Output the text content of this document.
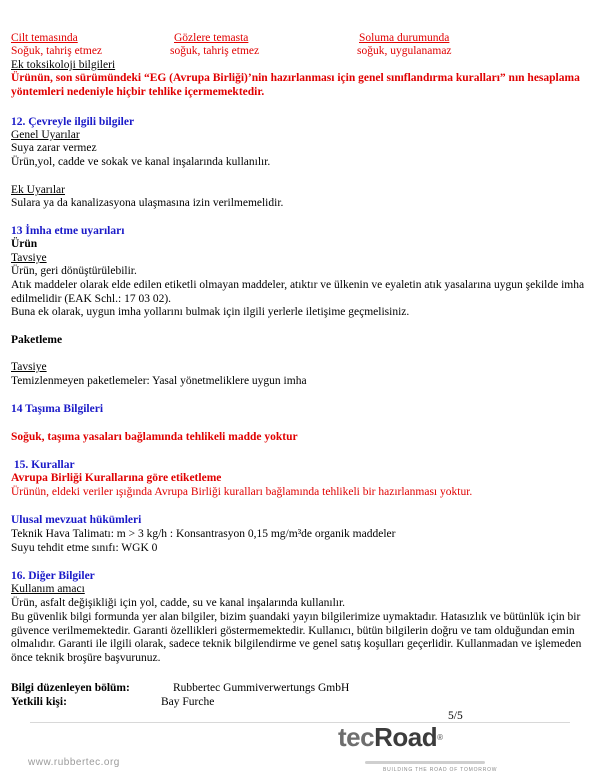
Cilt temasında	Gözlere temasta	Soluma durumunda
Soğuk, tahriş etmez	soğuk, tahriş etmez	soğuk, uygulanamaz
Ek toksikoloji bilgileri
Ürünün, son sürümündeki “EG (Avrupa Birliği)’nin hazırlanması için genel sınıflandırma kuralları” nın hesaplama yöntemleri nedeniyle hiçbir tehlike içermemektedir.
12. Çevreyle ilgili bilgiler
Genel Uyarılar
Suya zarar vermez
Ürün,yol, cadde ve sokak ve kanal inşalarında kullanılır.
Ek Uyarılar
Sulara ya da kanalizasyona ulaşmasına izin verilmemelidir.
13 İmha etme uyarıları
Ürün
Tavsiye
Ürün, geri dönüştürülebilir.
Atık maddeler olarak elde edilen etiketli olmayan maddeler, atıktır ve ülkenin ve eyaletin atık yasalarına uygun şekilde imha edilmelidir (EAK Schl.: 17 03 02).
Buna ek olarak, uygun imha yollarını bulmak için ilgili yerlerle iletişime geçmelisiniz.
Paketleme
Tavsiye
Temizlenmeyen paketlemeler: Yasal yönetmeliklere uygun imha
14 Taşıma Bilgileri
Soğuk, taşıma yasaları bağlamında tehlikeli madde yoktur
15. Kurallar
Avrupa Birliği Kurallarına göre etiketleme
Ürünün, eldeki veriler ışığında Avrupa Birliği kuralları bağlamında tehlikeli bir hazırlanması yoktur.
Ulusal mevzuat hükümleri
Teknik Hava Talimatı: m > 3 kg/h : Konsantrasyon 0,15 mg/m³de organik maddeler
Suyu tehdit etme sınıfı: WGK 0
16. Diğer Bilgiler
Kullanım amacı
Ürün, asfalt değişikliği için yol, cadde, su ve kanal inşalarında kullanılır.
Bu güvenlik bilgi formunda yer alan bilgiler, bizim şuandaki yayın bilgilerimize uymaktadır. Hatasızlık ve bütünlük için bir güvence verilmemektedir. Garanti özellikleri göstermemektedir. Kullanıcı, bütün bilgilerin doğru ve tam olduğundan emin olmalıdır. Garanti ile ilgili olarak, sadece teknik bilgilendirme ve genel satış koşulları geçerlidir. Kullanmadan ve işlemeden önce teknik broşüre başvurunuz.
Bilgi düzenleyen bölüm:	Rubbertec Gummiverwertungs GmbH
Yetkili kişi:	Bay Furche
5/5
www.rubbertec.org
tecRoad®
BUILDING THE ROAD OF TOMORROW
